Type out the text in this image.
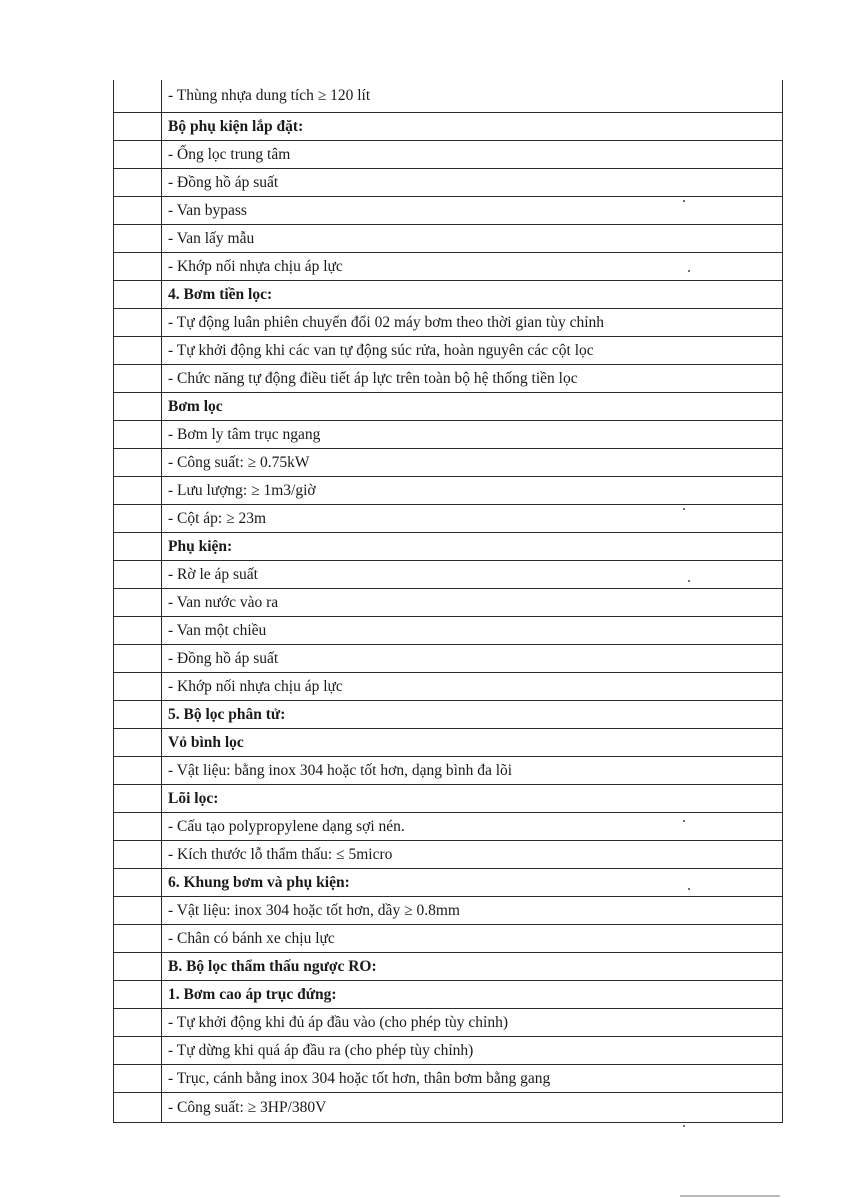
	- Thùng nhựa dung tích ≥ 120 lít
	Bộ phụ kiện lắp đặt:
	- Ống lọc trung tâm
	- Đồng hồ áp suất
	- Van bypass
	- Van lấy mẫu
	- Khớp nối nhựa chịu áp lực
	4. Bơm tiền lọc:
	- Tự động luân phiên chuyển đổi 02 máy bơm theo thời gian tùy chỉnh
	- Tự khởi động khi các van tự động súc rửa, hoàn nguyên các cột lọc
	- Chức năng tự động điều tiết áp lực trên toàn bộ hệ thống tiền lọc
	Bơm lọc
	- Bơm ly tâm trục ngang
	- Công suất: ≥ 0.75kW
	- Lưu lượng: ≥ 1m3/giờ
	- Cột áp: ≥ 23m
	Phụ kiện:
	- Rờ le áp suất
	- Van nước vào ra
	- Van một chiều
	- Đồng hồ áp suất
	- Khớp nối nhựa chịu áp lực
	5. Bộ lọc phân tử:
	Vỏ bình lọc
	- Vật liệu: bằng inox 304 hoặc tốt hơn, dạng bình đa lõi
	Lõi lọc:
	- Cấu tạo polypropylene dạng sợi nén.
	- Kích thước lỗ thẩm thấu: ≤ 5micro
	6. Khung bơm và phụ kiện:
	- Vật liệu: inox 304 hoặc tốt hơn, dầy ≥ 0.8mm
	- Chân có bánh xe chịu lực
	B. Bộ lọc thẩm thấu ngược RO:
	1. Bơm cao áp trục đứng:
	- Tự khởi động khi đủ áp đầu vào (cho phép tùy chỉnh)
	- Tự dừng khi quá áp đầu ra (cho phép tùy chỉnh)
	- Trục, cánh bằng inox 304 hoặc tốt hơn, thân bơm bằng gang
	- Công suất: ≥ 3HP/380V
